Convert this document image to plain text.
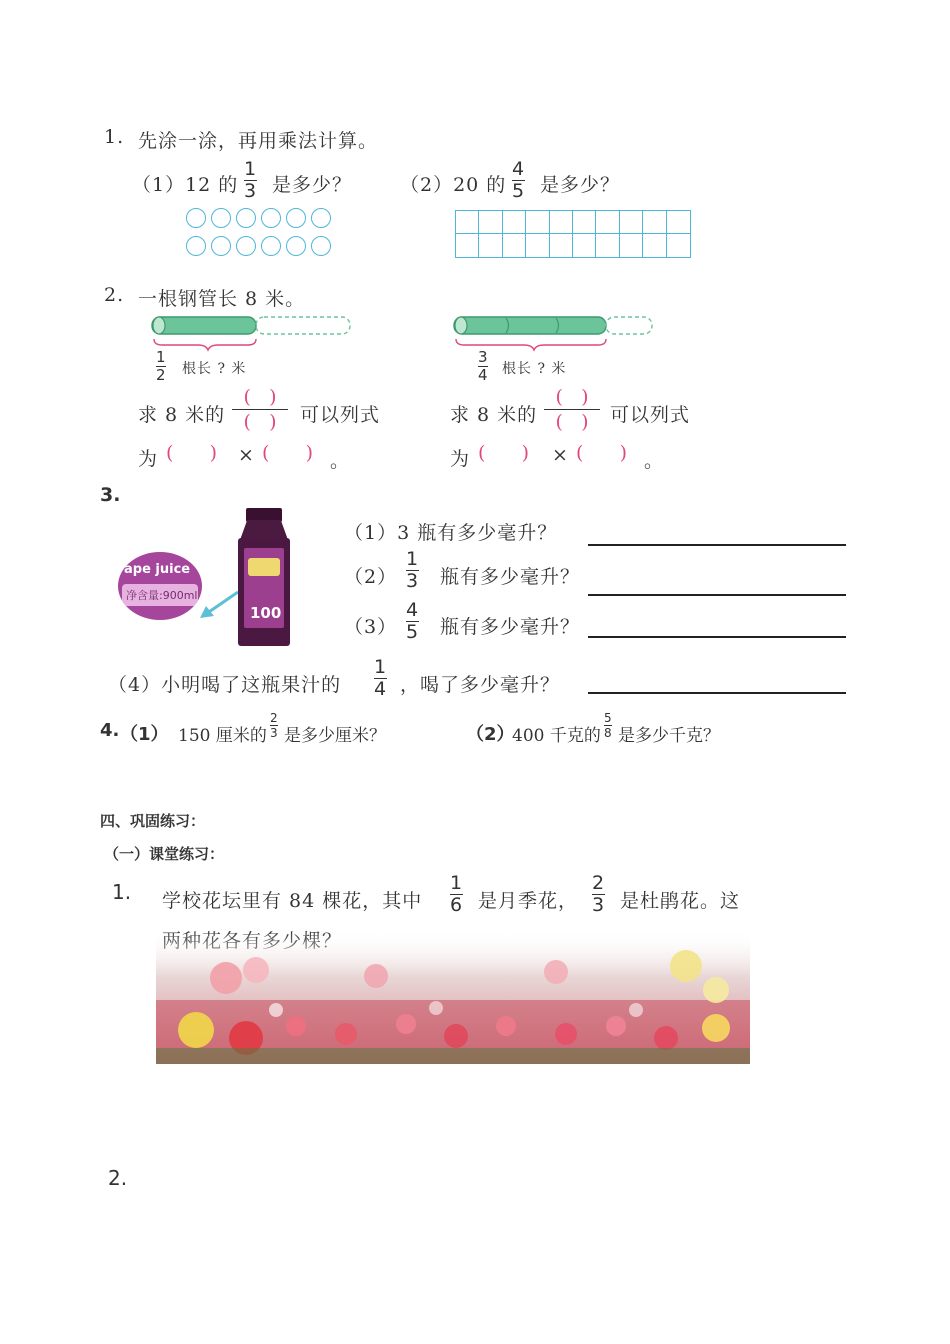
1. 先涂一涂，再用乘法计算。
（1）12 的
1
3 是多少？	（2）20 的
4
5 是多少？
2. 一根钢管长 8 米。
1
2 根长 ? 米
3
4 根长 ? 米
求 8 米的
( )
( )	可以列式
为 ( ) × ( ) 。
求 8 米的
( )
( )	可以列式
为 ( ) × ( ) 。
3.
ape juice
净含量:900ml
100
（1）3 瓶有多少毫升？
（2）
1
3 瓶有多少毫升？
（3）
4
5 瓶有多少毫升？
（4）小明喝了这瓶果汁的
1
4 ，喝了多少毫升？
4. （1） 150 厘米的
2
3 是多少厘米？	（2）
400 千克的
5
8 是多少千克？
四、巩固练习：
（一）课堂练习：
1. 学校花坛里有 84 棵花，其中
1
6 是月季花，
2
3 是杜鹃花。这
2.
